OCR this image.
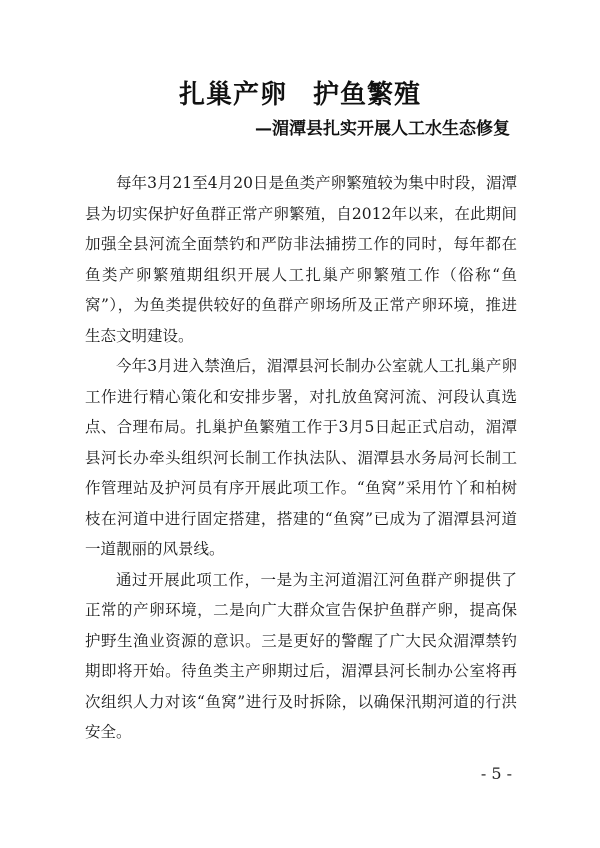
扎巢产卵 护鱼繁殖
—湄潭县扎实开展人工水生态修复

每年3月21至4月20日是鱼类产卵繁殖较为集中时段，湄潭县为切实保护好鱼群正常产卵繁殖，自2012年以来，在此期间加强全县河流全面禁钓和严防非法捕捞工作的同时，每年都在鱼类产卵繁殖期组织开展人工扎巢产卵繁殖工作（俗称“鱼窝”），为鱼类提供较好的鱼群产卵场所及正常产卵环境，推进生态文明建设。

今年3月进入禁渔后，湄潭县河长制办公室就人工扎巢产卵工作进行精心策化和安排步署，对扎放鱼窝河流、河段认真选点、合理布局。扎巢护鱼繁殖工作于3月5日起正式启动，湄潭县河长办牵头组织河长制工作执法队、湄潭县水务局河长制工作管理站及护河员有序开展此项工作。“鱼窝”采用竹丫和柏树枝在河道中进行固定搭建，搭建的“鱼窝”已成为了湄潭县河道一道靓丽的风景线。

通过开展此项工作，一是为主河道湄江河鱼群产卵提供了正常的产卵环境，二是向广大群众宣告保护鱼群产卵，提高保护野生渔业资源的意识。三是更好的警醒了广大民众湄潭禁钓期即将开始。待鱼类主产卵期过后，湄潭县河长制办公室将再次组织人力对该“鱼窝”进行及时拆除，以确保汛期河道的行洪安全。

- 5 -
